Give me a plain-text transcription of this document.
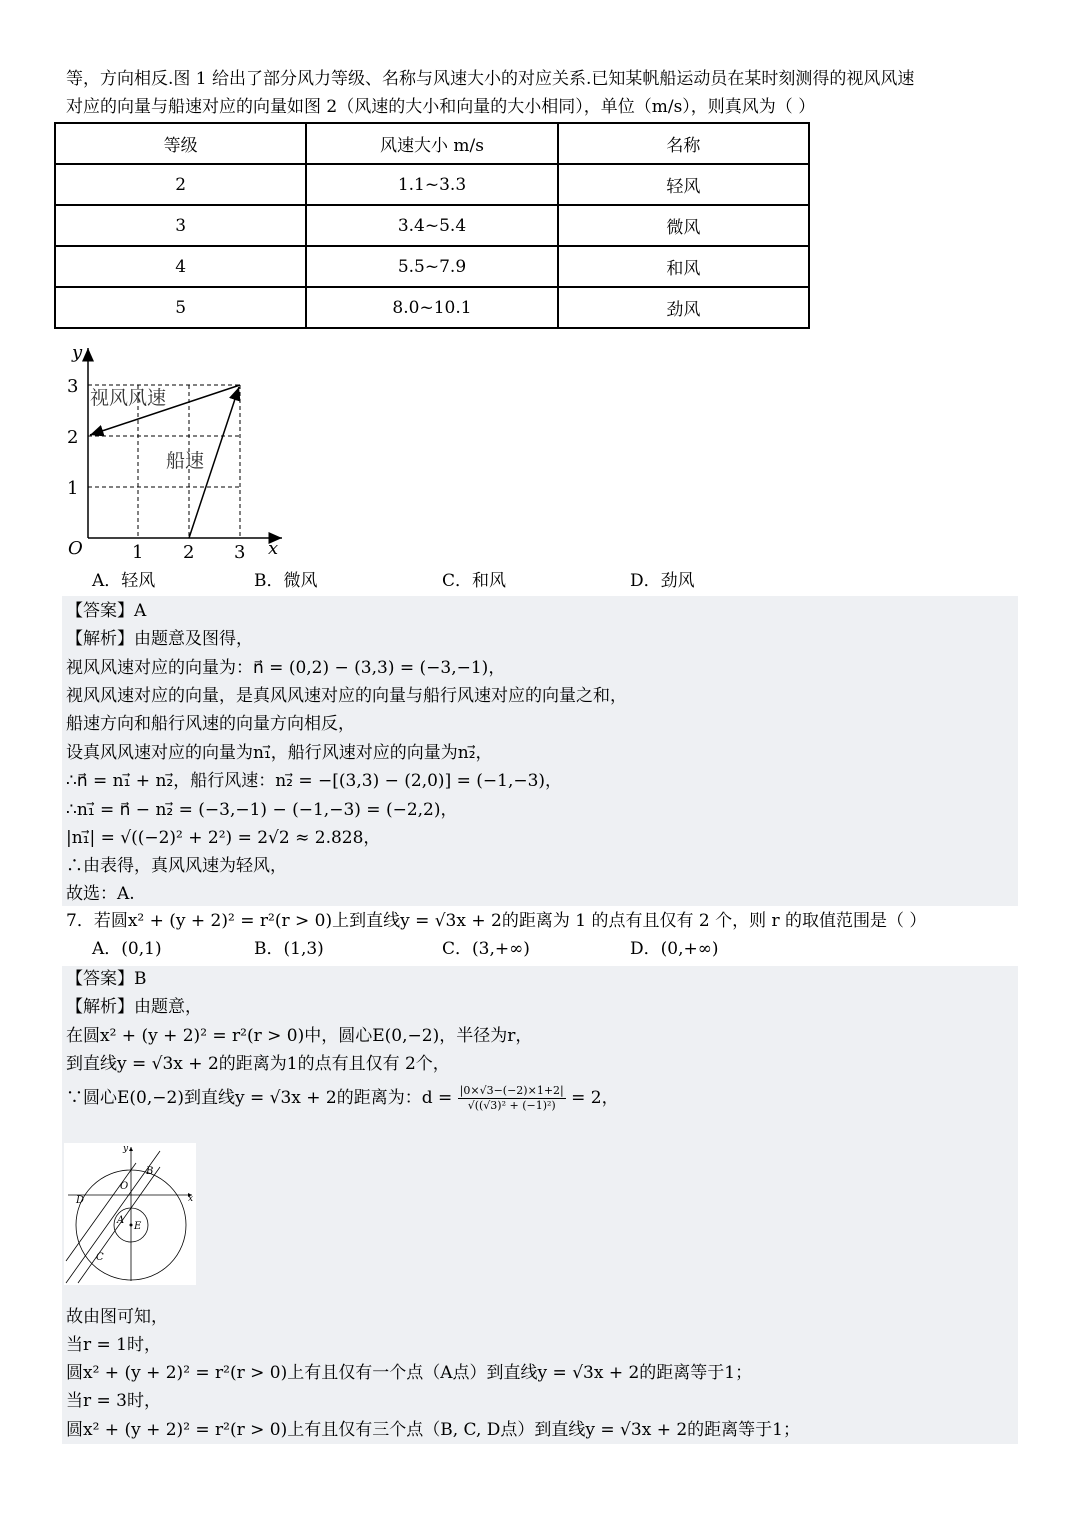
等，方向相反.图 1 给出了部分风力等级、名称与风速大小的对应关系.已知某帆船运动员在某时刻测得的视风风速
对应的向量与船速对应的向量如图 2（风速的大小和向量的大小相同），单位（m/s），则真风为（ ）
等级	风速大小 m/s	名称
2	1.1~3.3	轻风
3	3.4~5.4	微风
4	5.5~7.9	和风
5	8.0~10.1	劲风
y
x
O	1 2 3
1
2
3
视风风速
船速
A．轻风	B．微风	C．和风	D．劲风
【答案】A
【解析】由题意及图得，
视风风速对应的向量为：n⃗ = (0,2) − (3,3) = (−3,−1)，
视风风速对应的向量，是真风风速对应的向量与船行风速对应的向量之和，
船速方向和船行风速的向量方向相反，
设真风风速对应的向量为n₁⃗，船行风速对应的向量为n₂⃗，
∴n⃗ = n₁⃗ + n₂⃗，船行风速：n₂⃗ = −[(3,3) − (2,0)] = (−1,−3)，
∴n₁⃗ = n⃗ − n₂⃗ = (−3,−1) − (−1,−3) = (−2,2)，
|n₁⃗| = √((−2)² + 2²) = 2√2 ≈ 2.828，
∴由表得，真风风速为轻风，
故选：A.
7．若圆x² + (y + 2)² = r²(r > 0)上到直线y = √3x + 2的距离为 1 的点有且仅有 2 个，则 r 的取值范围是（ ）
A．(0,1)	B．(1,3)	C．(3,+∞)	D．(0,+∞)
【答案】B
【解析】由题意，
在圆x² + (y + 2)² = r²(r > 0)中，圆心E(0,−2)，半径为r，
到直线y = √3x + 2的距离为1的点有且仅有 2个，
∵圆心E(0,−2)到直线y = √3x + 2的距离为：$d = \frac{|0\times√3-(-2)\times 1+2|}{\text{√((√3)² + (−1)²)}} = 2$，
y
x
O
B
D
A
E
C
故由图可知，
当r = 1时，
圆x² + (y + 2)² = r²(r > 0)上有且仅有一个点（A点）到直线y = √3x + 2的距离等于1；
当r = 3时，
圆x² + (y + 2)² = r²(r > 0)上有且仅有三个点（B, C, D点）到直线y = √3x + 2的距离等于1；
